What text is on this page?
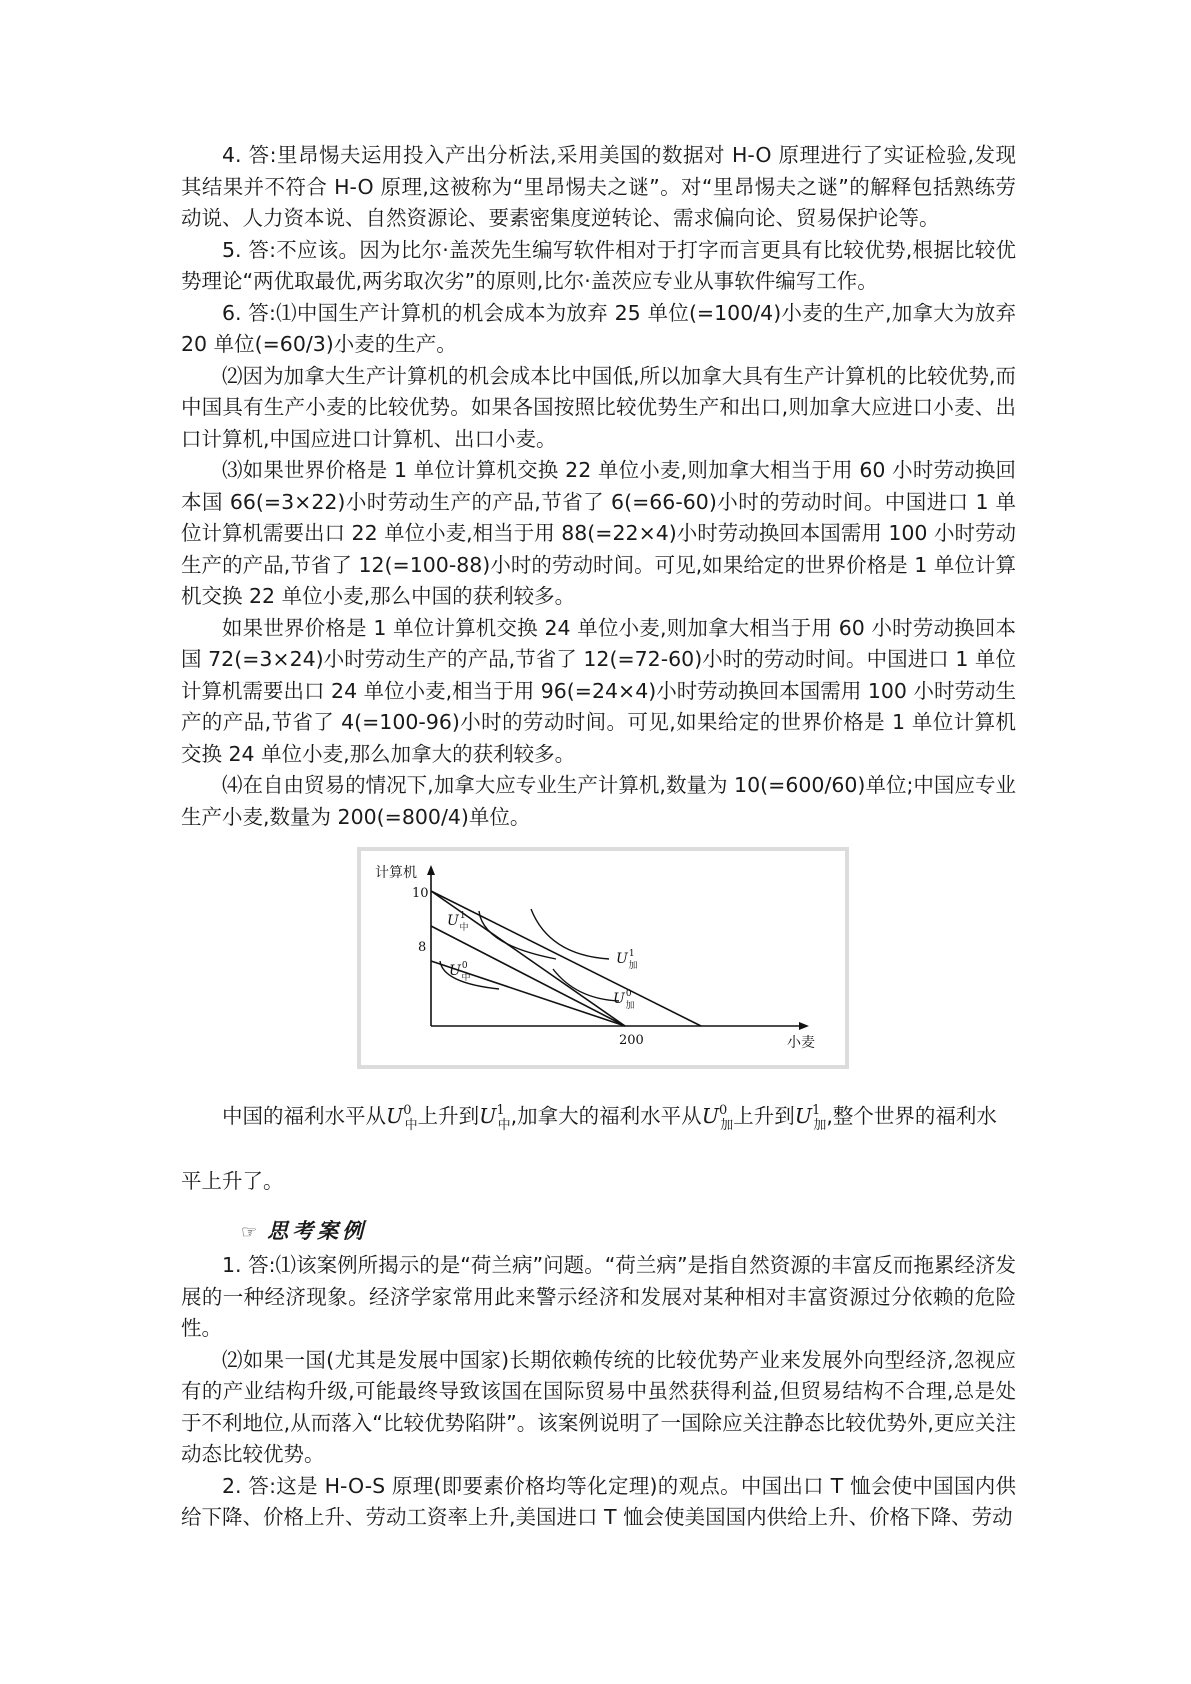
4. 答:里昂惕夫运用投入产出分析法,采用美国的数据对 H-O 原理进行了实证检验,发现其结果并不符合 H-O 原理,这被称为“里昂惕夫之谜”。对“里昂惕夫之谜”的解释包括熟练劳动说、人力资本说、自然资源论、要素密集度逆转论、需求偏向论、贸易保护论等。

5. 答:不应该。因为比尔·盖茨先生编写软件相对于打字而言更具有比较优势,根据比较优势理论“两优取最优,两劣取次劣”的原则,比尔·盖茨应专业从事软件编写工作。

6. 答:⑴中国生产计算机的机会成本为放弃 25 单位(=100/4)小麦的生产,加拿大为放弃 20 单位(=60/3)小麦的生产。

⑵因为加拿大生产计算机的机会成本比中国低,所以加拿大具有生产计算机的比较优势,而中国具有生产小麦的比较优势。如果各国按照比较优势生产和出口,则加拿大应进口小麦、出口计算机,中国应进口计算机、出口小麦。

⑶如果世界价格是 1 单位计算机交换 22 单位小麦,则加拿大相当于用 60 小时劳动换回本国 66(=3×22)小时劳动生产的产品,节省了 6(=66-60)小时的劳动时间。中国进口 1 单位计算机需要出口 22 单位小麦,相当于用 88(=22×4)小时劳动换回本国需用 100 小时劳动生产的产品,节省了 12(=100-88)小时的劳动时间。可见,如果给定的世界价格是 1 单位计算机交换 22 单位小麦,那么中国的获利较多。

如果世界价格是 1 单位计算机交换 24 单位小麦,则加拿大相当于用 60 小时劳动换回本国 72(=3×24)小时劳动生产的产品,节省了 12(=72-60)小时的劳动时间。中国进口 1 单位计算机需要出口 24 单位小麦,相当于用 96(=24×4)小时劳动换回本国需用 100 小时劳动生产的产品,节省了 4(=100-96)小时的劳动时间。可见,如果给定的世界价格是 1 单位计算机交换 24 单位小麦,那么加拿大的获利较多。

⑷在自由贸易的情况下,加拿大应专业生产计算机,数量为 10(=600/60)单位;中国应专业生产小麦,数量为 200(=800/4)单位。

计算机
小麦
10
8
200
$U^1$ 中
$U^0$ 中
$U^1$ 加
$U^0$ 加

中国的福利水平从$U^0_中$上升到$U^1_中$,加拿大的福利水平从$U^0_加$上升到$U^1_加$,整个世界的福利水

平上升了。

☞ 思考案例

1. 答:⑴该案例所揭示的是“荷兰病”问题。“荷兰病”是指自然资源的丰富反而拖累经济发展的一种经济现象。经济学家常用此来警示经济和发展对某种相对丰富资源过分依赖的危险性。

⑵如果一国(尤其是发展中国家)长期依赖传统的比较优势产业来发展外向型经济,忽视应有的产业结构升级,可能最终导致该国在国际贸易中虽然获得利益,但贸易结构不合理,总是处于不利地位,从而落入“比较优势陷阱”。该案例说明了一国除应关注静态比较优势外,更应关注动态比较优势。

2. 答:这是 H-O-S 原理(即要素价格均等化定理)的观点。中国出口 T 恤会使中国国内供给下降、价格上升、劳动工资率上升,美国进口 T 恤会使美国国内供给上升、价格下降、劳动
